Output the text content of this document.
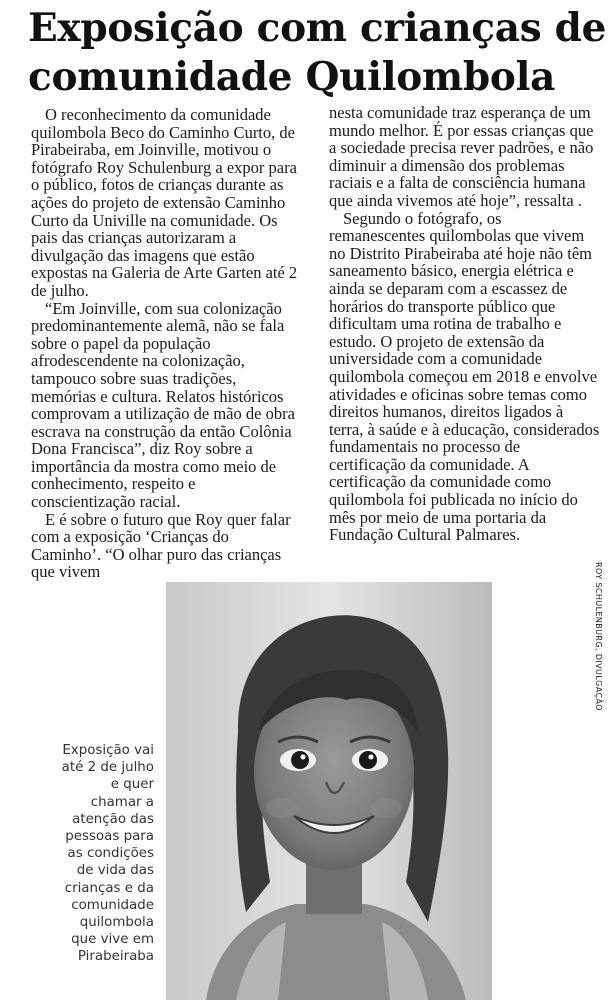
Exposição com crianças de
comunidade Quilombola

O reconhecimento da comunidade quilombola Beco do Caminho Curto, de Pirabeiraba, em Joinville, motivou o fotógrafo Roy Schulenburg a expor para o público, fotos de crianças durante as ações do projeto de extensão Caminho Curto da Univille na comunidade. Os pais das crianças autorizaram a divulgação das imagens que estão expostas na Galeria de Arte Garten até 2 de julho.

“Em Joinville, com sua colonização predominantemente alemã, não se fala sobre o papel da população afrodescendente na colonização, tampouco sobre suas tradições, memórias e cultura. Relatos históricos comprovam a utilização de mão de obra escrava na construção da então Colônia Dona Francisca”, diz Roy sobre a importância da mostra como meio de conhecimento, respeito e conscientização racial.

E é sobre o futuro que Roy quer falar com a exposição ‘Crianças do Caminho’. “O olhar puro das crianças que vivem

nesta comunidade traz esperança de um mundo melhor. É por essas crianças que a sociedade precisa rever padrões, e não diminuir a dimensão dos problemas raciais e a falta de consciência humana que ainda vivemos até hoje”, ressalta .

Segundo o fotógrafo, os remanescentes quilombolas que vivem no Distrito Pirabeiraba até hoje não têm saneamento básico, energia elétrica e ainda se deparam com a escassez de horários do transporte público que dificultam uma rotina de trabalho e estudo. O projeto de extensão da universidade com a comunidade quilombola começou em 2018 e envolve atividades e oficinas sobre temas como direitos humanos, direitos ligados à terra, à saúde e à educação, considerados fundamentais no processo de certificação da comunidade. A certificação da comunidade como quilombola foi publicada no início do mês por meio de uma portaria da Fundação Cultural Palmares.

ROY SCHULENBURG, DIVULGAÇÃO
Exposição vai até 2 de julho e quer chamar a atenção das pessoas para as condições de vida das crianças e da comunidade quilombola que vive em Pirabeiraba
